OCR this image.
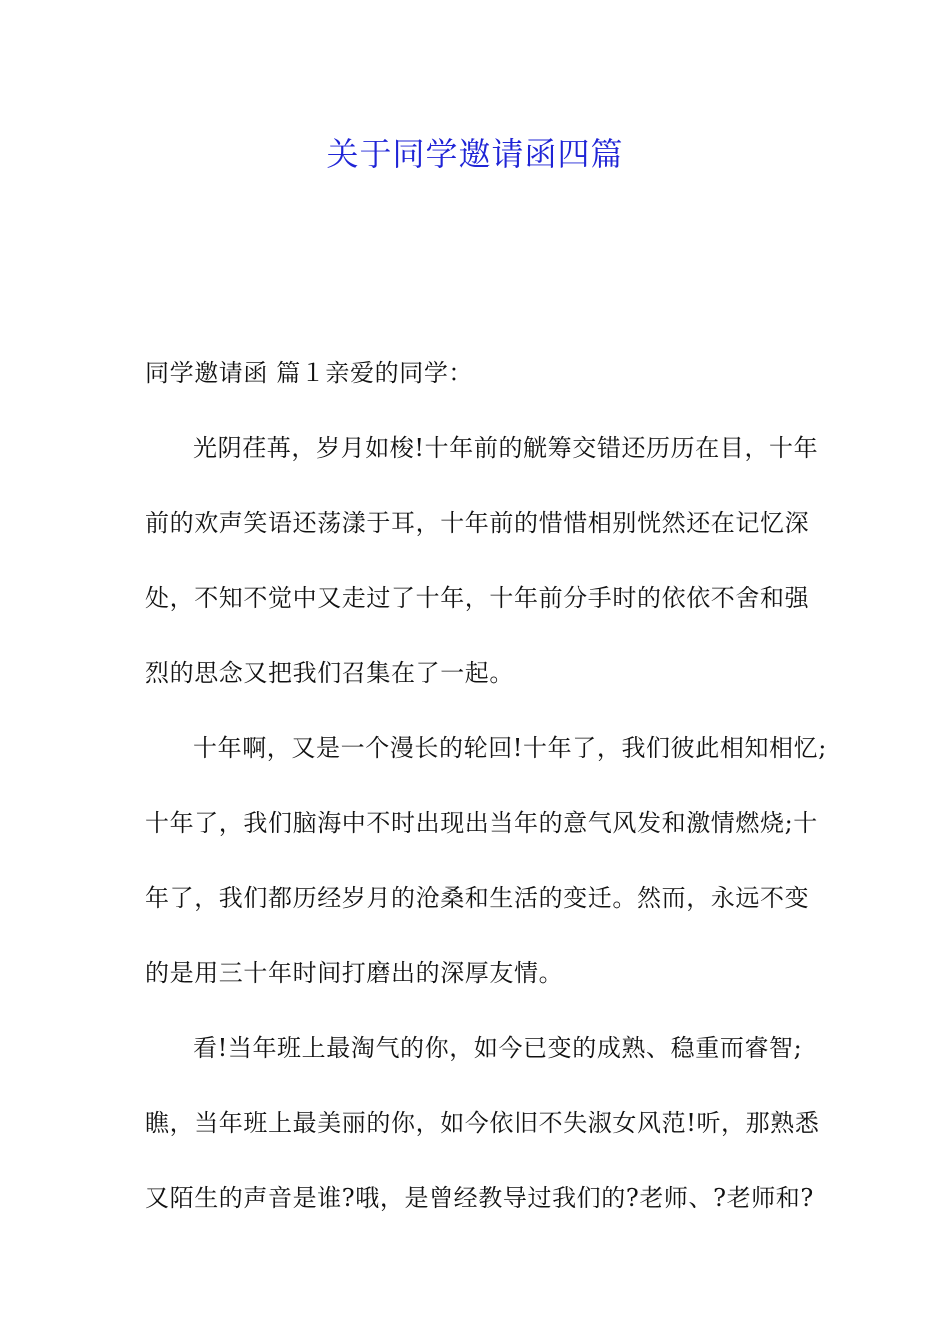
关于同学邀请函四篇
同学邀请函 篇１亲爱的同学：
光阴荏苒，岁月如梭!十年前的觥筹交错还历历在目，十年
前的欢声笑语还荡漾于耳，十年前的惜惜相别恍然还在记忆深
处，不知不觉中又走过了十年，十年前分手时的依依不舍和强
烈的思念又把我们召集在了一起。
十年啊，又是一个漫长的轮回!十年了，我们彼此相知相忆;
十年了，我们脑海中不时出现出当年的意气风发和激情燃烧;十
年了，我们都历经岁月的沧桑和生活的变迁。然而，永远不变
的是用三十年时间打磨出的深厚友情。
看!当年班上最淘气的你，如今已变的成熟、稳重而睿智;
瞧，当年班上最美丽的你，如今依旧不失淑女风范!听，那熟悉
又陌生的声音是谁?哦，是曾经教导过我们的?老师、?老师和?
